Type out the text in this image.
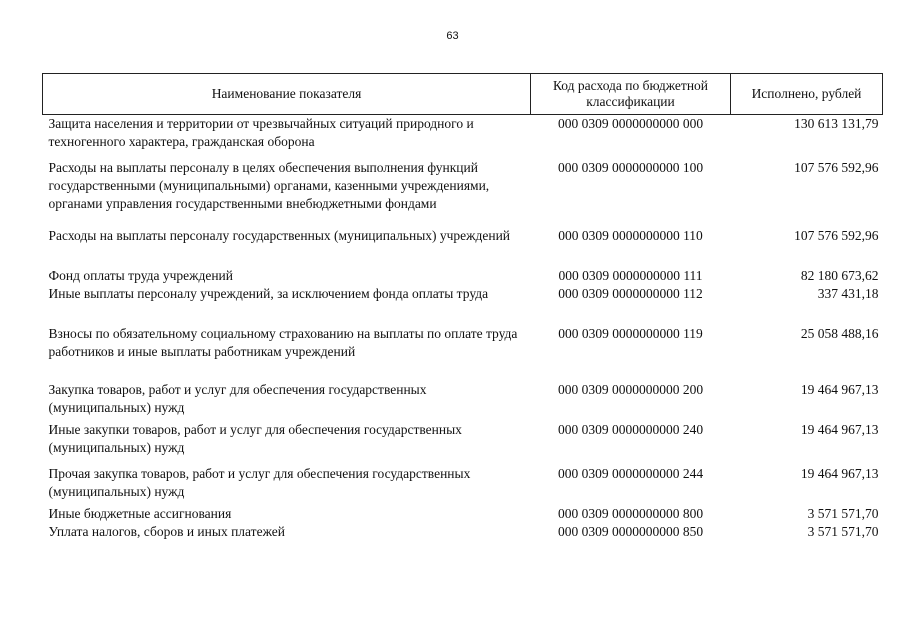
63
Наименование показателя	Код расхода по бюджетной классификации	Исполнено, рублей
Защита населения и территории от чрезвычайных ситуаций природного и техногенного характера, гражданская оборона	000 0309 0000000000 000	130 613 131,79
Расходы на выплаты персоналу в целях обеспечения выполнения функций государственными (муниципальными) органами, казенными учреждениями, органами управления государственными внебюджетными фондами	000 0309 0000000000 100	107 576 592,96
Расходы на выплаты персоналу государственных (муниципальных) учреждений	000 0309 0000000000 110	107 576 592,96
Фонд оплаты труда учреждений	000 0309 0000000000 111	82 180 673,62
Иные выплаты персоналу учреждений, за исключением фонда оплаты труда	000 0309 0000000000 112	337 431,18
Взносы по обязательному социальному страхованию на выплаты по оплате труда работников и иные выплаты работникам учреждений	000 0309 0000000000 119	25 058 488,16
Закупка товаров, работ и услуг для обеспечения государственных (муниципальных) нужд	000 0309 0000000000 200	19 464 967,13
Иные закупки товаров, работ и услуг для обеспечения государственных (муниципальных) нужд	000 0309 0000000000 240	19 464 967,13
Прочая закупка товаров, работ и услуг для обеспечения государственных (муниципальных) нужд	000 0309 0000000000 244	19 464 967,13
Иные бюджетные ассигнования	000 0309 0000000000 800	3 571 571,70
Уплата налогов, сборов и иных платежей	000 0309 0000000000 850	3 571 571,70
